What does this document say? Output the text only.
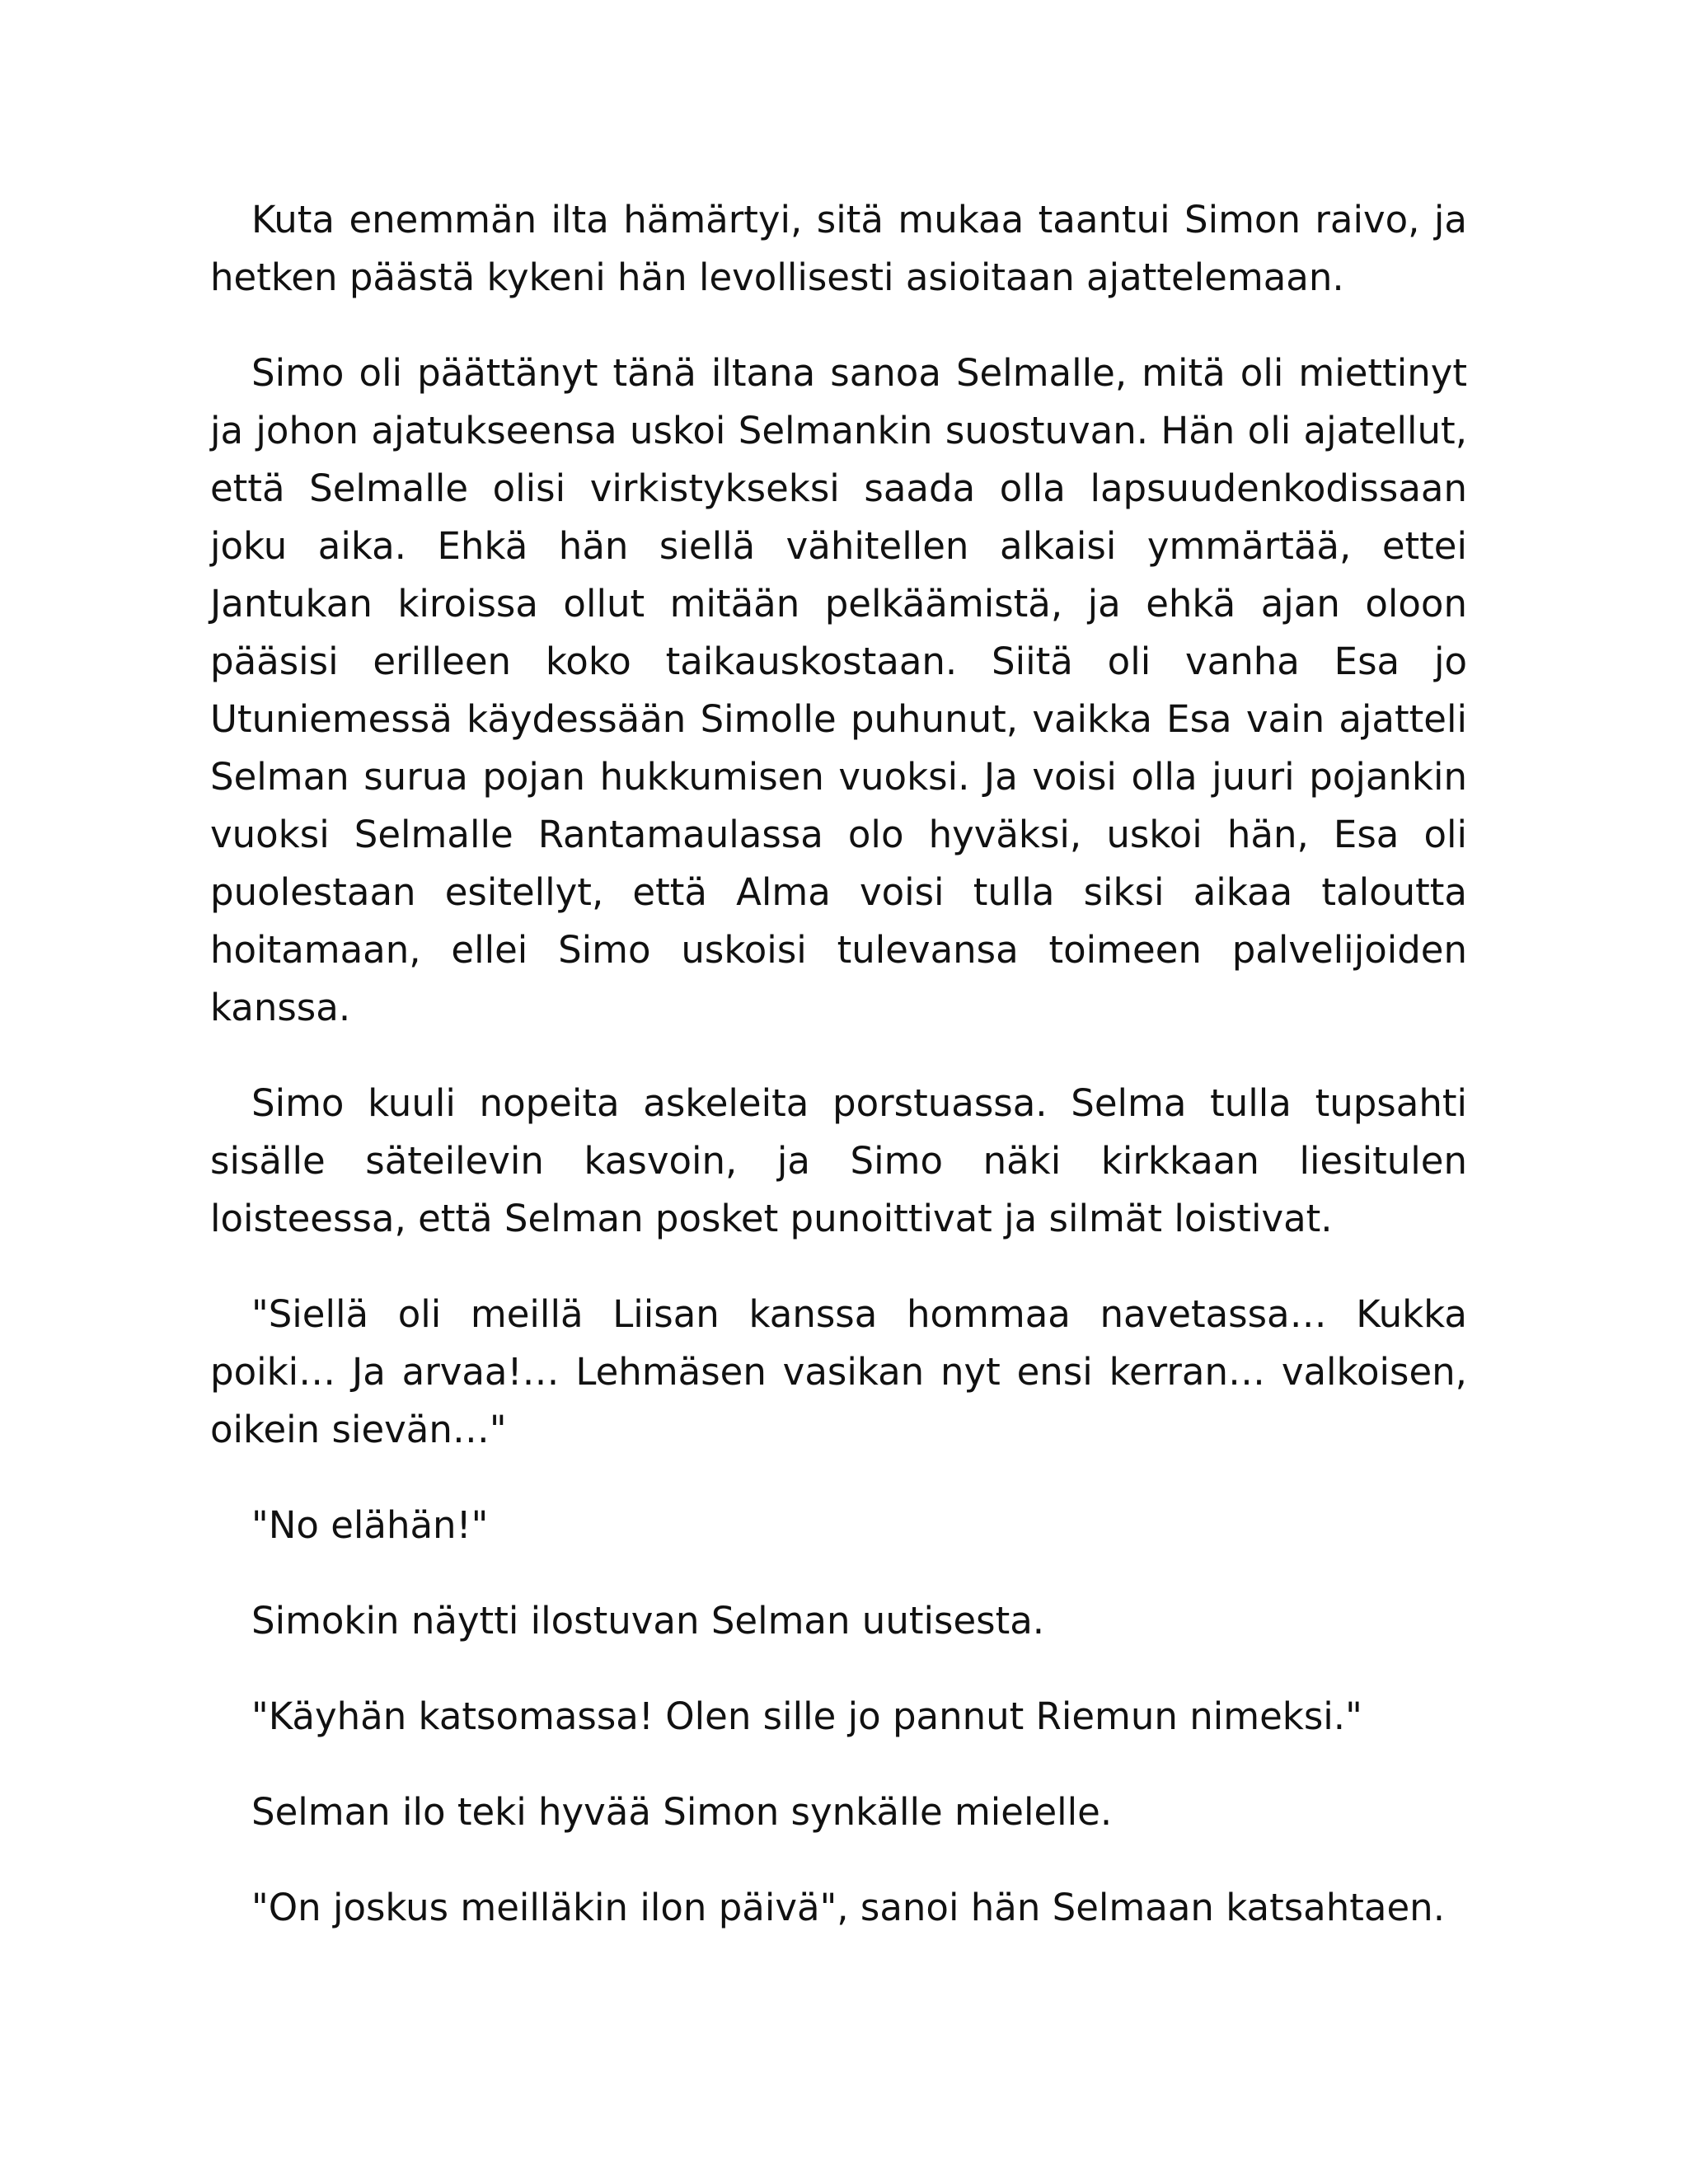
Kuta enemmän ilta hämärtyi, sitä mukaa taantui Simon raivo, ja hetken päästä kykeni hän levollisesti asioitaan ajattelemaan.

Simo oli päättänyt tänä iltana sanoa Selmalle, mitä oli miettinyt ja johon ajatukseensa uskoi Selmankin suostuvan. Hän oli ajatellut, että Selmalle olisi virkistykseksi saada olla lapsuudenkodissaan joku aika. Ehkä hän siellä vähitellen alkaisi ymmärtää, ettei Jantukan kiroissa ollut mitään pelkäämistä, ja ehkä ajan oloon pääsisi erilleen koko taikauskostaan. Siitä oli vanha Esa jo Utuniemessä käydessään Simolle puhunut, vaikka Esa vain ajatteli Selman surua pojan hukkumisen vuoksi. Ja voisi olla juuri pojankin vuoksi Selmalle Rantamaulassa olo hyväksi, uskoi hän, Esa oli puolestaan esitellyt, että Alma voisi tulla siksi aikaa taloutta hoitamaan, ellei Simo uskoisi tulevansa toimeen palvelijoiden kanssa.

Simo kuuli nopeita askeleita porstuassa. Selma tulla tupsahti sisälle säteilevin kasvoin, ja Simo näki kirkkaan liesitulen loisteessa, että Selman posket punoittivat ja silmät loistivat.

"Siellä oli meillä Liisan kanssa hommaa navetassa… Kukka poiki… Ja arvaa!… Lehmäsen vasikan nyt ensi kerran… valkoisen, oikein sievän…"

"No elähän!"

Simokin näytti ilostuvan Selman uutisesta.

"Käyhän katsomassa! Olen sille jo pannut Riemun nimeksi."

Selman ilo teki hyvää Simon synkälle mielelle.

"On joskus meilläkin ilon päivä", sanoi hän Selmaan katsahtaen.
